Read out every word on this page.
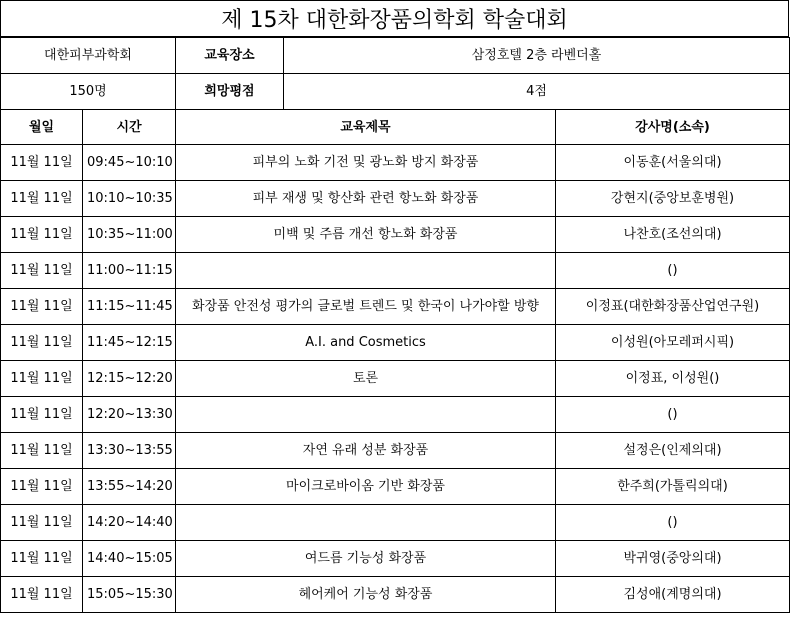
제 15차 대한화장품의학회 학술대회
대한피부과학회		교육장소	삼정호텔 2층 라벤더홀	
150명		희망평점	4점	
월일	시간	교육제목		강사명(소속)
11월 11일	09:45~10:10	피부의 노화 기전 및 광노화 방지 화장품		이동훈(서울의대)
11월 11일	10:10~10:35	피부 재생 및 항산화 관련 항노화 화장품		강현지(중앙보훈병원)
11월 11일	10:35~11:00	미백 및 주름 개선 항노화 화장품		나찬호(조선의대)
11월 11일	11:00~11:15			()
11월 11일	11:15~11:45	화장품 안전성 평가의 글로벌 트렌드 및 한국이 나가야할 방향		이정표(대한화장품산업연구원)
11월 11일	11:45~12:15	A.I. and Cosmetics		이성원(아모레퍼시픽)
11월 11일	12:15~12:20	토론		이정표, 이성원()
11월 11일	12:20~13:30			()
11월 11일	13:30~13:55	자연 유래 성분 화장품		설정은(인제의대)
11월 11일	13:55~14:20	마이크로바이옴 기반 화장품		한주희(가톨릭의대)
11월 11일	14:20~14:40			()
11월 11일	14:40~15:05	여드름 기능성 화장품		박귀영(중앙의대)
11월 11일	15:05~15:30	헤어케어 기능성 화장품		김성애(계명의대)
